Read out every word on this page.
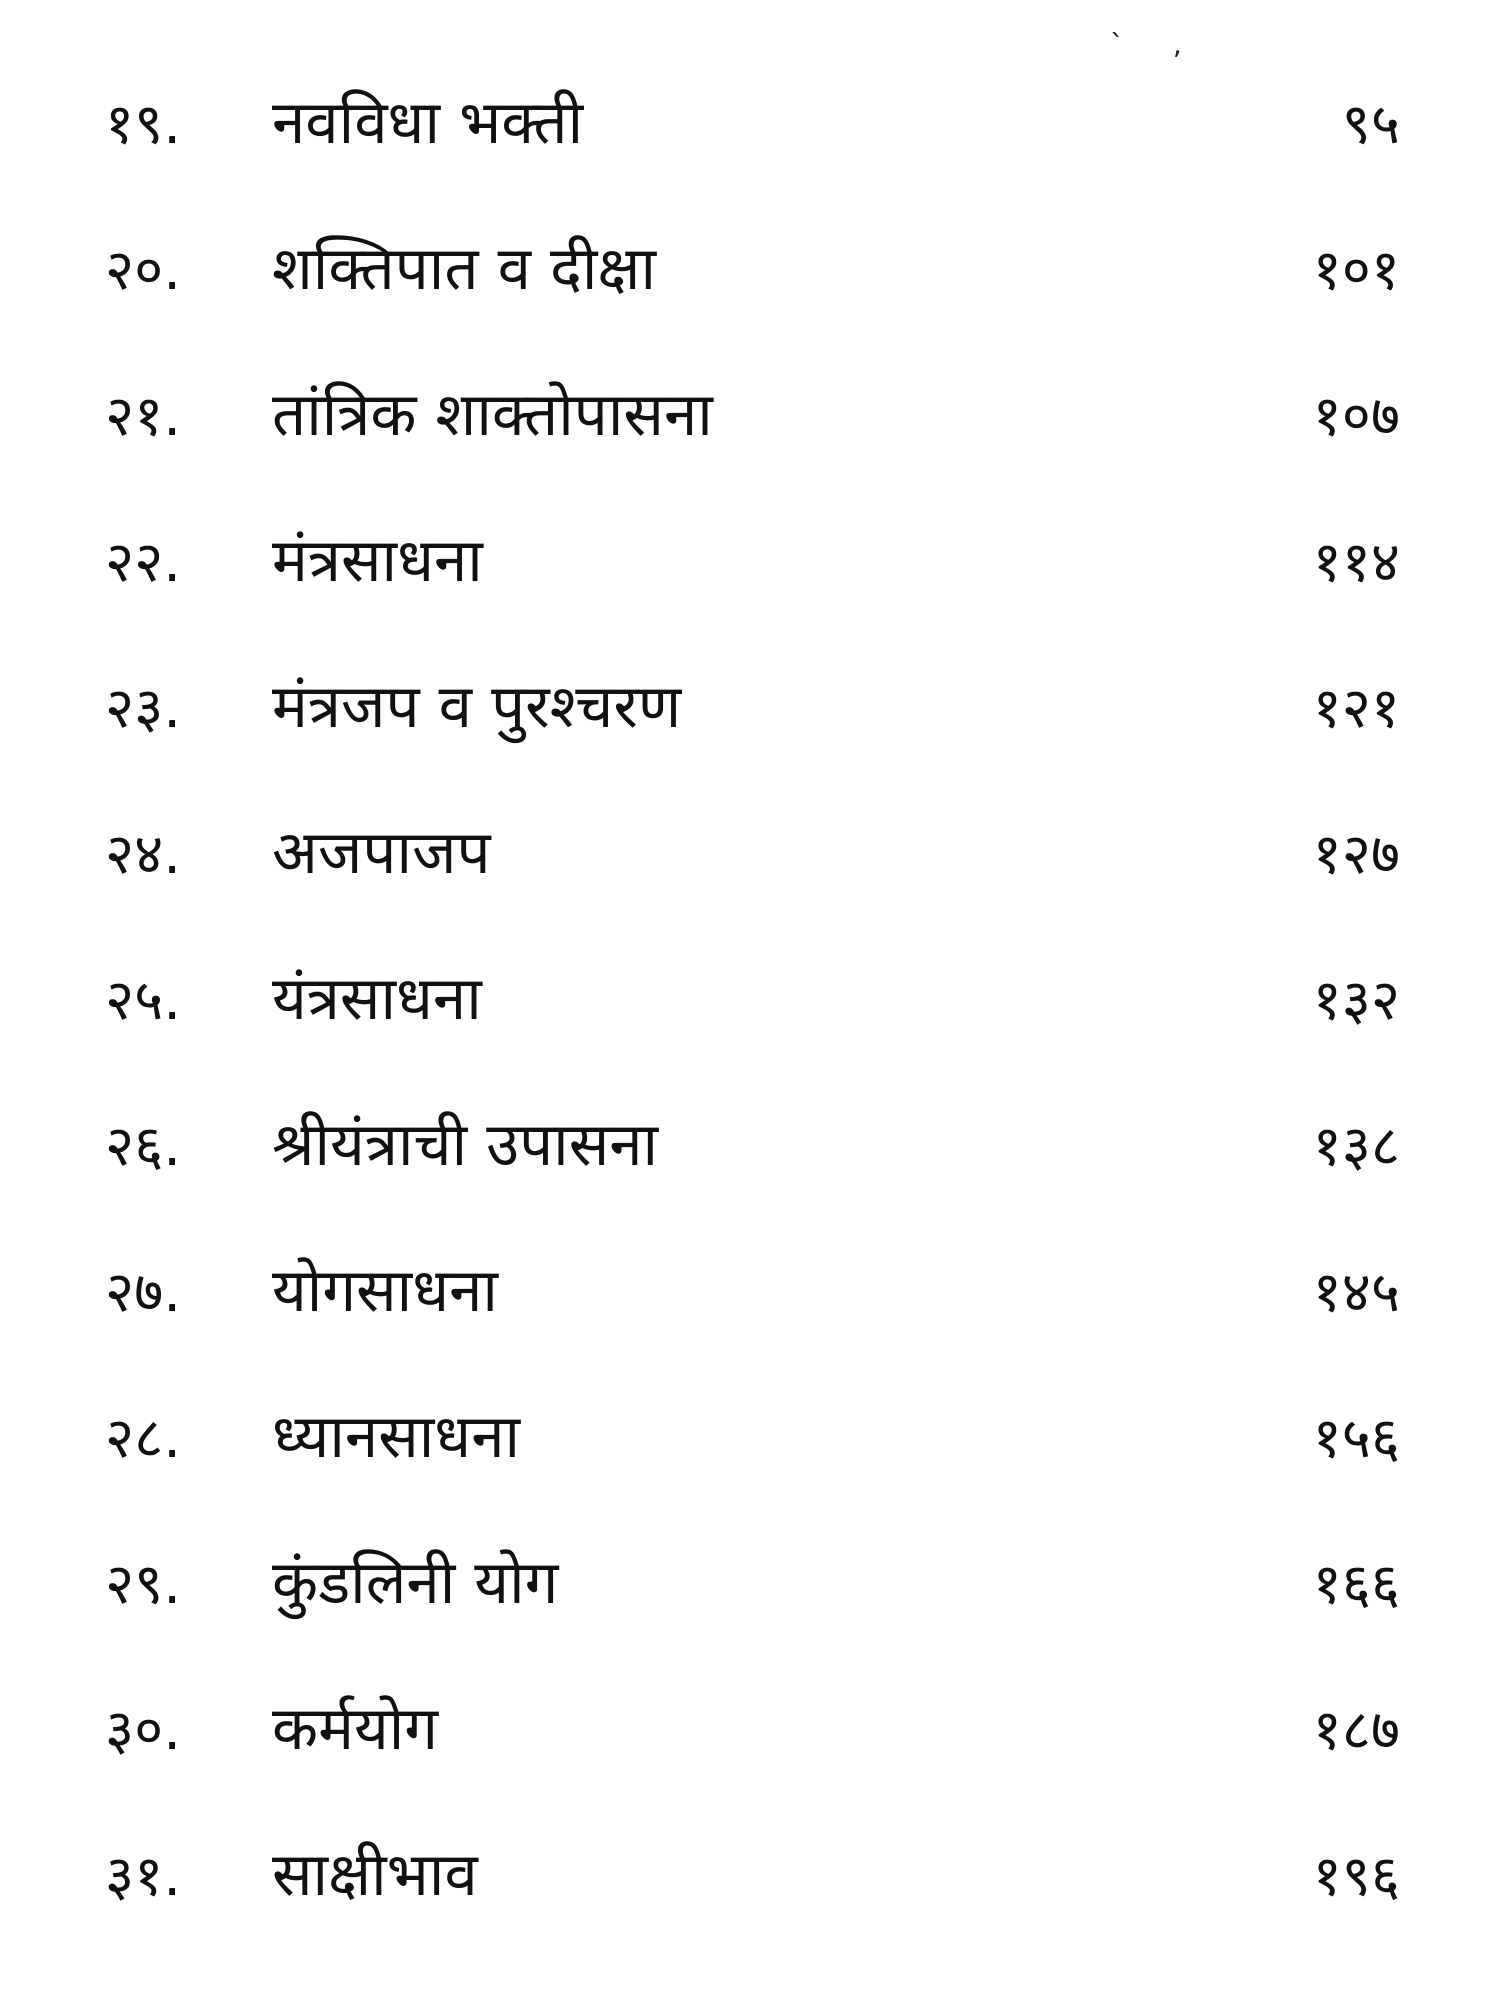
` ,
१९. नवविधा भक्ती	९५
२०. शक्तिपात व दीक्षा	१०१
२१. तांत्रिक शाक्तोपासना	१०७
२२. मंत्रसाधना	११४
२३. मंत्रजप व पुरश्चरण	१२१
२४. अजपाजप	१२७
२५. यंत्रसाधना	१३२
२६. श्रीयंत्राची उपासना	१३८
२७. योगसाधना	१४५
२८. ध्यानसाधना	१५६
२९. कुंडलिनी योग	१६६
३०. कर्मयोग	१८७
३१. साक्षीभाव	१९६
